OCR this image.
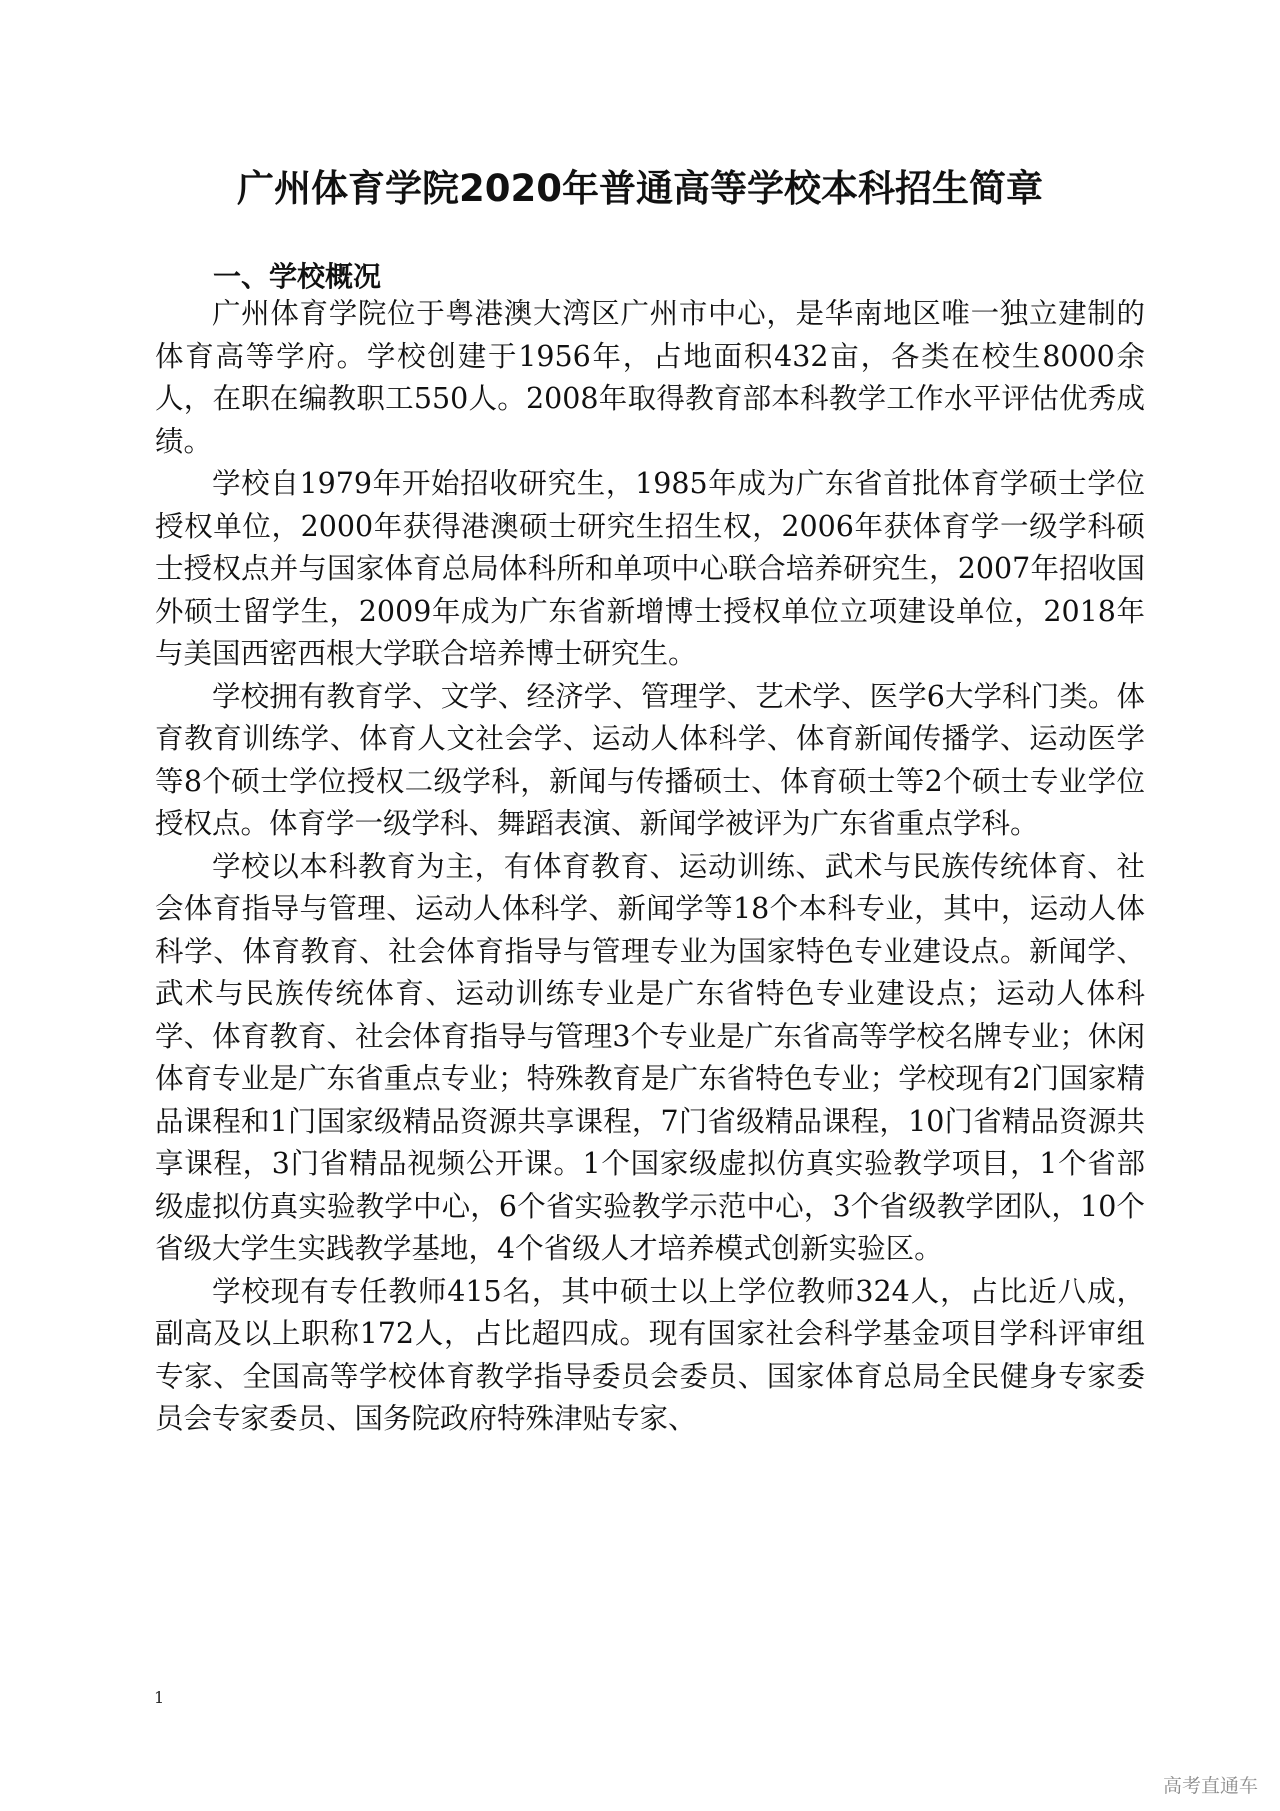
广州体育学院2020年普通高等学校本科招生简章
一、学校概况

广州体育学院位于粤港澳大湾区广州市中心，是华南地区唯一独立建制的体育高等学府。学校创建于1956年，占地面积432亩，各类在校生8000余人，在职在编教职工550人。2008年取得教育部本科教学工作水平评估优秀成绩。

学校自1979年开始招收研究生，1985年成为广东省首批体育学硕士学位授权单位，2000年获得港澳硕士研究生招生权，2006年获体育学一级学科硕士授权点并与国家体育总局体科所和单项中心联合培养研究生，2007年招收国外硕士留学生，2009年成为广东省新增博士授权单位立项建设单位，2018年与美国西密西根大学联合培养博士研究生。

学校拥有教育学、文学、经济学、管理学、艺术学、医学6大学科门类。体育教育训练学、体育人文社会学、运动人体科学、体育新闻传播学、运动医学等8个硕士学位授权二级学科，新闻与传播硕士、体育硕士等2个硕士专业学位授权点。体育学一级学科、舞蹈表演、新闻学被评为广东省重点学科。

学校以本科教育为主，有体育教育、运动训练、武术与民族传统体育、社会体育指导与管理、运动人体科学、新闻学等18个本科专业，其中，运动人体科学、体育教育、社会体育指导与管理专业为国家特色专业建设点。新闻学、武术与民族传统体育、运动训练专业是广东省特色专业建设点；运动人体科学、体育教育、社会体育指导与管理3个专业是广东省高等学校名牌专业；休闲体育专业是广东省重点专业；特殊教育是广东省特色专业；学校现有2门国家精品课程和1门国家级精品资源共享课程，7门省级精品课程，10门省精品资源共享课程，3门省精品视频公开课。1个国家级虚拟仿真实验教学项目，1个省部级虚拟仿真实验教学中心，6个省实验教学示范中心，3个省级教学团队，10个省级大学生实践教学基地，4个省级人才培养模式创新实验区。

学校现有专任教师415名，其中硕士以上学位教师324人，占比近八成，副高及以上职称172人，占比超四成。现有国家社会科学基金项目学科评审组专家、全国高等学校体育教学指导委员会委员、国家体育总局全民健身专家委员会专家委员、国务院政府特殊津贴专家、

1
高考直通车
